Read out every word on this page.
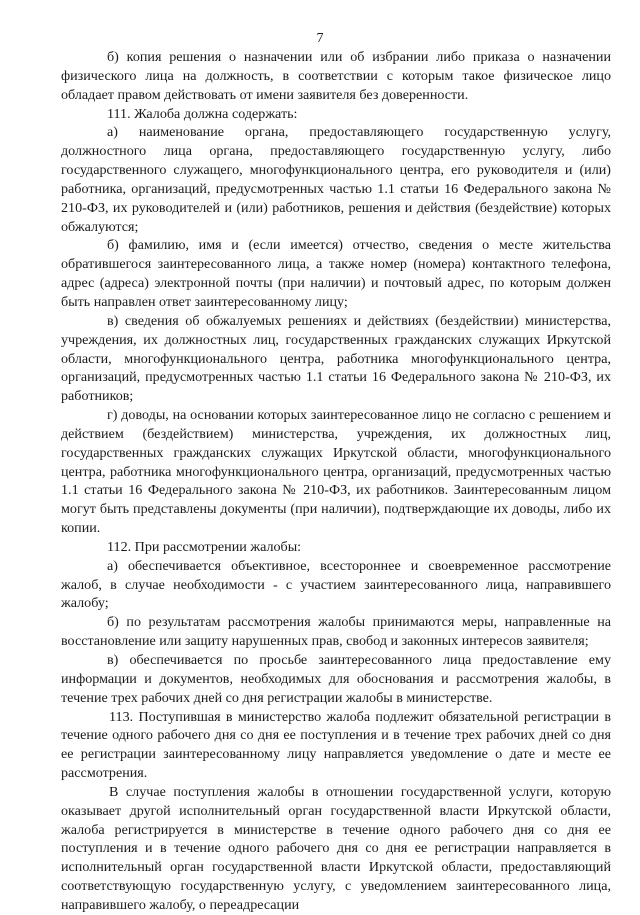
7

б) копия решения о назначении или об избрании либо приказа о назначении физического лица на должность, в соответствии с которым такое физическое лицо обладает правом действовать от имени заявителя без доверенности.

111. Жалоба должна содержать:

а) наименование органа, предоставляющего государственную услугу, должностного лица органа, предоставляющего государственную услугу, либо государственного служащего, многофункционального центра, его руководителя и (или) работника, организаций, предусмотренных частью 1.1 статьи 16 Федерального закона № 210-ФЗ, их руководителей и (или) работников, решения и действия (бездействие) которых обжалуются;

б) фамилию, имя и (если имеется) отчество, сведения о месте жительства обратившегося заинтересованного лица, а также номер (номера) контактного телефона, адрес (адреса) электронной почты (при наличии) и почтовый адрес, по которым должен быть направлен ответ заинтересованному лицу;

в) сведения об обжалуемых решениях и действиях (бездействии) министерства, учреждения, их должностных лиц, государственных гражданских служащих Иркутской области, многофункционального центра, работника многофункционального центра, организаций, предусмотренных частью 1.1 статьи 16 Федерального закона № 210-ФЗ, их работников;

г) доводы, на основании которых заинтересованное лицо не согласно с решением и действием (бездействием) министерства, учреждения, их должностных лиц, государственных гражданских служащих Иркутской области, многофункционального центра, работника многофункционального центра, организаций, предусмотренных частью 1.1 статьи 16 Федерального закона № 210-ФЗ, их работников. Заинтересованным лицом могут быть представлены документы (при наличии), подтверждающие их доводы, либо их копии.

112. При рассмотрении жалобы:

а) обеспечивается объективное, всестороннее и своевременное рассмотрение жалоб, в случае необходимости - с участием заинтересованного лица, направившего жалобу;

б) по результатам рассмотрения жалобы принимаются меры, направленные на восстановление или защиту нарушенных прав, свобод и законных интересов заявителя;

в) обеспечивается по просьбе заинтересованного лица предоставление ему информации и документов, необходимых для обоснования и рассмотрения жалобы, в течение трех рабочих дней со дня регистрации жалобы в министерстве.

113. Поступившая в министерство жалоба подлежит обязательной регистрации в течение одного рабочего дня со дня ее поступления и в течение трех рабочих дней со дня ее регистрации заинтересованному лицу направляется уведомление о дате и месте ее рассмотрения.

В случае поступления жалобы в отношении государственной услуги, которую оказывает другой исполнительный орган государственной власти Иркутской области, жалоба регистрируется в министерстве в течение одного рабочего дня со дня ее поступления и в течение одного рабочего дня со дня ее регистрации направляется в исполнительный орган государственной власти Иркутской области, предоставляющий соответствующую государственную услугу, с уведомлением заинтересованного лица, направившего жалобу, о переадресации
